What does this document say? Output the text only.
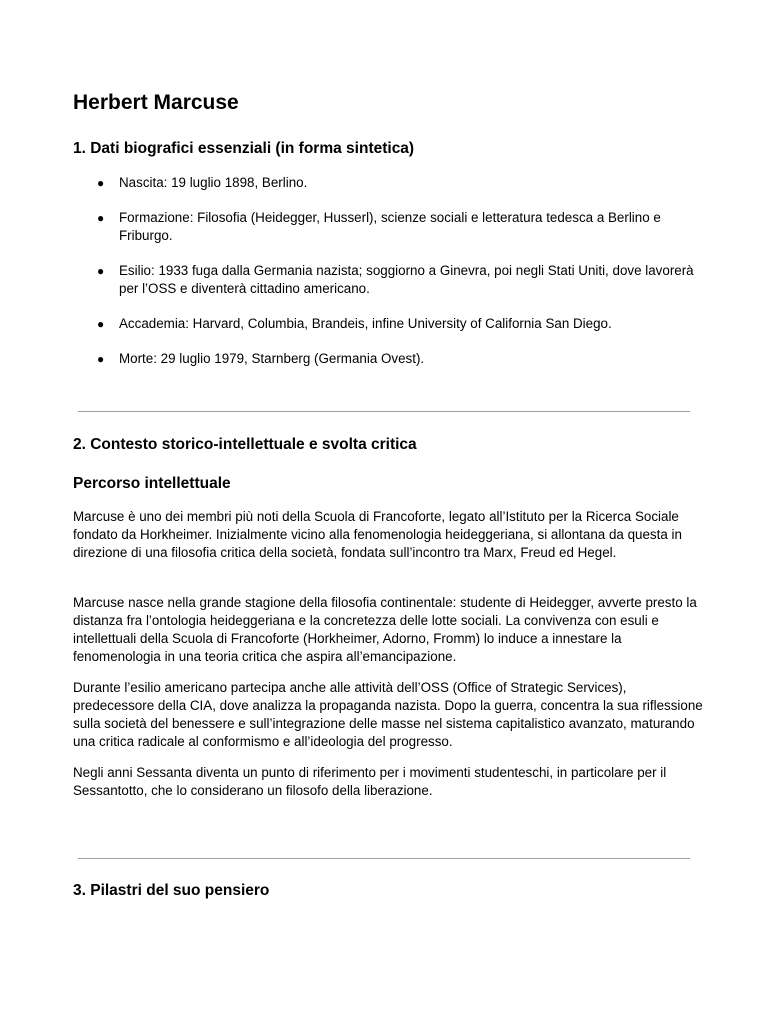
Herbert Marcuse
1. Dati biografici essenziali (in forma sintetica)
● Nascita: 19 luglio 1898, Berlino.
● Formazione: Filosofia (Heidegger, Husserl), scienze sociali e letteratura tedesca a Berlino e Friburgo.
● Esilio: 1933 fuga dalla Germania nazista; soggiorno a Ginevra, poi negli Stati Uniti, dove lavorerà per l’OSS e diventerà cittadino americano.
● Accademia: Harvard, Columbia, Brandeis, infine University of California San Diego.
● Morte: 29 luglio 1979, Starnberg (Germania Ovest).
2. Contesto storico-intellettuale e svolta critica
Percorso intellettuale

Marcuse è uno dei membri più noti della Scuola di Francoforte, legato all’Istituto per la Ricerca Sociale fondato da Horkheimer. Inizialmente vicino alla fenomenologia heideggeriana, si allontana da questa in direzione di una filosofia critica della società, fondata sull’incontro tra Marx, Freud ed Hegel.

Marcuse nasce nella grande stagione della filosofia continentale: studente di Heidegger, avverte presto la distanza fra l’ontologia heideggeriana e la concretezza delle lotte sociali. La convivenza con esuli e intellettuali della Scuola di Francoforte (Horkheimer, Adorno, Fromm) lo induce a innestare la fenomenologia in una teoria critica che aspira all’emancipazione.

Durante l’esilio americano partecipa anche alle attività dell’OSS (Office of Strategic Services), predecessore della CIA, dove analizza la propaganda nazista. Dopo la guerra, concentra la sua riflessione sulla società del benessere e sull’integrazione delle masse nel sistema capitalistico avanzato, maturando una critica radicale al conformismo e all’ideologia del progresso.

Negli anni Sessanta diventa un punto di riferimento per i movimenti studenteschi, in particolare per il Sessantotto, che lo considerano un filosofo della liberazione.

3. Pilastri del suo pensiero
